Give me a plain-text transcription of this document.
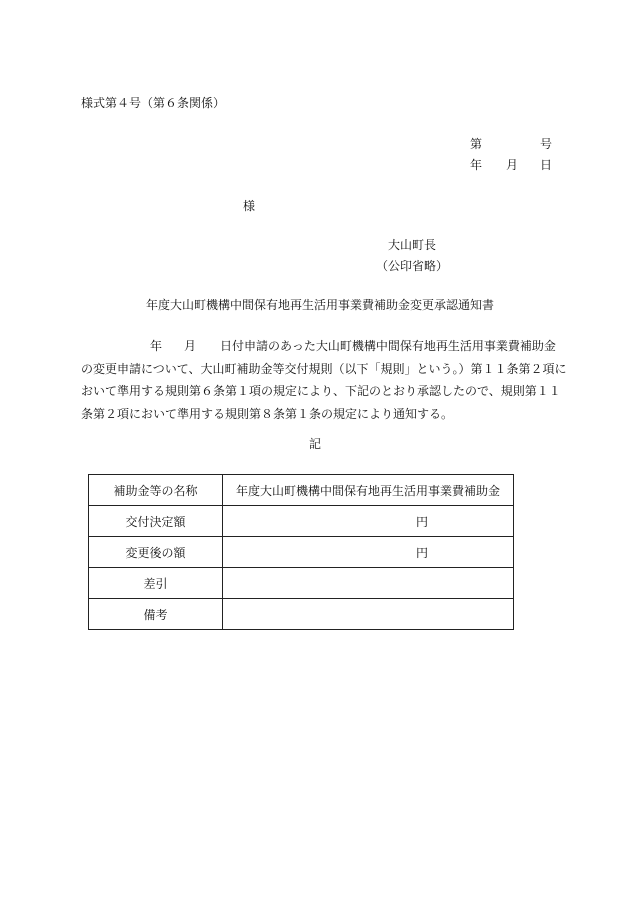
様式第４号（第６条関係）
第	号
年 月 日
様
大山町長
（公印省略）
年度大山町機構中間保有地再生活用事業費補助金変更承認通知書
年 月 日付申請のあった大山町機構中間保有地再生活用事業費補助金
の変更申請について、大山町補助金等交付規則（以下「規則」という。）第１１条第２項に
おいて準用する規則第６条第１項の規定により、下記のとおり承認したので、規則第１１
条第２項において準用する規則第８条第１条の規定により通知する。
記
補助金等の名称	年度大山町機構中間保有地再生活用事業費補助金
交付決定額	円
変更後の額	円
差引	
備考	
